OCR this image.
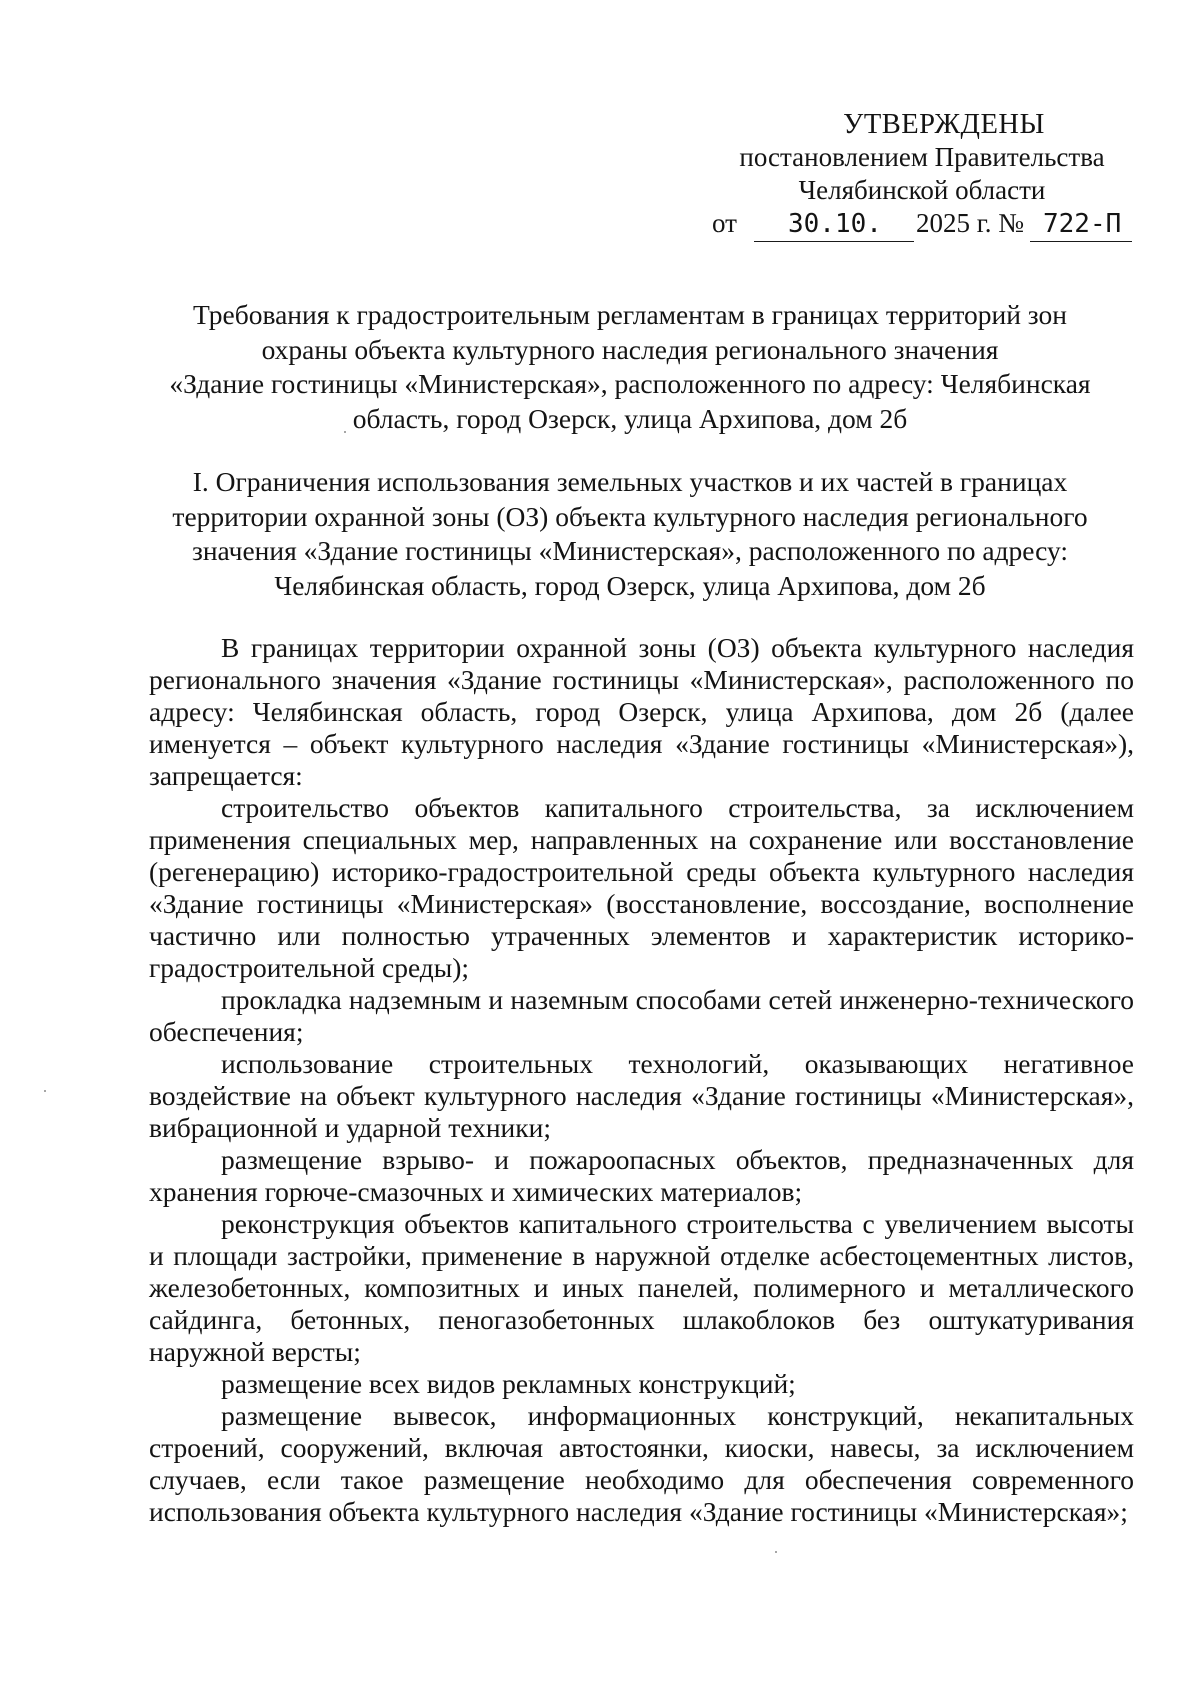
УТВЕРЖДЕНЫ
постановлением Правительства
Челябинской области
от 30.10. 2025 г. № 722-П
Требования к градостроительным регламентам в границах территорий зон
охраны объекта культурного наследия регионального значения
«Здание гостиницы «Министерская», расположенного по адресу: Челябинская
область, город Озерск, улица Архипова, дом 2б
I. Ограничения использования земельных участков и их частей в границах
территории охранной зоны (ОЗ) объекта культурного наследия регионального
значения «Здание гостиницы «Министерская», расположенного по адресу:
Челябинская область, город Озерск, улица Архипова, дом 2б

В границах территории охранной зоны (ОЗ) объекта культурного наследия регионального значения «Здание гостиницы «Министерская», расположенного по адресу: Челябинская область, город Озерск, улица Архипова, дом 2б (далее именуется – объект культурного наследия «Здание гостиницы «Министерская»), запрещается:

строительство объектов капитального строительства, за исключением применения специальных мер, направленных на сохранение или восстановление (регенерацию) историко-градостроительной среды объекта культурного наследия «Здание гостиницы «Министерская» (восстановление, воссоздание, восполнение частично или полностью утраченных элементов и характеристик историко-градостроительной среды);

прокладка надземным и наземным способами сетей инженерно-технического обеспечения;

использование строительных технологий, оказывающих негативное воздействие на объект культурного наследия «Здание гостиницы «Министерская», вибрационной и ударной техники;

размещение взрыво- и пожароопасных объектов, предназначенных для хранения горюче-смазочных и химических материалов;

реконструкция объектов капитального строительства с увеличением высоты и площади застройки, применение в наружной отделке асбестоцементных листов, железобетонных, композитных и иных панелей, полимерного и металлического сайдинга, бетонных, пеногазобетонных шлакоблоков без оштукатуривания наружной версты;

размещение всех видов рекламных конструкций;

размещение вывесок, информационных конструкций, некапитальных строений, сооружений, включая автостоянки, киоски, навесы, за исключением случаев, если такое размещение необходимо для обеспечения современного использования объекта культурного наследия «Здание гостиницы «Министерская»;
